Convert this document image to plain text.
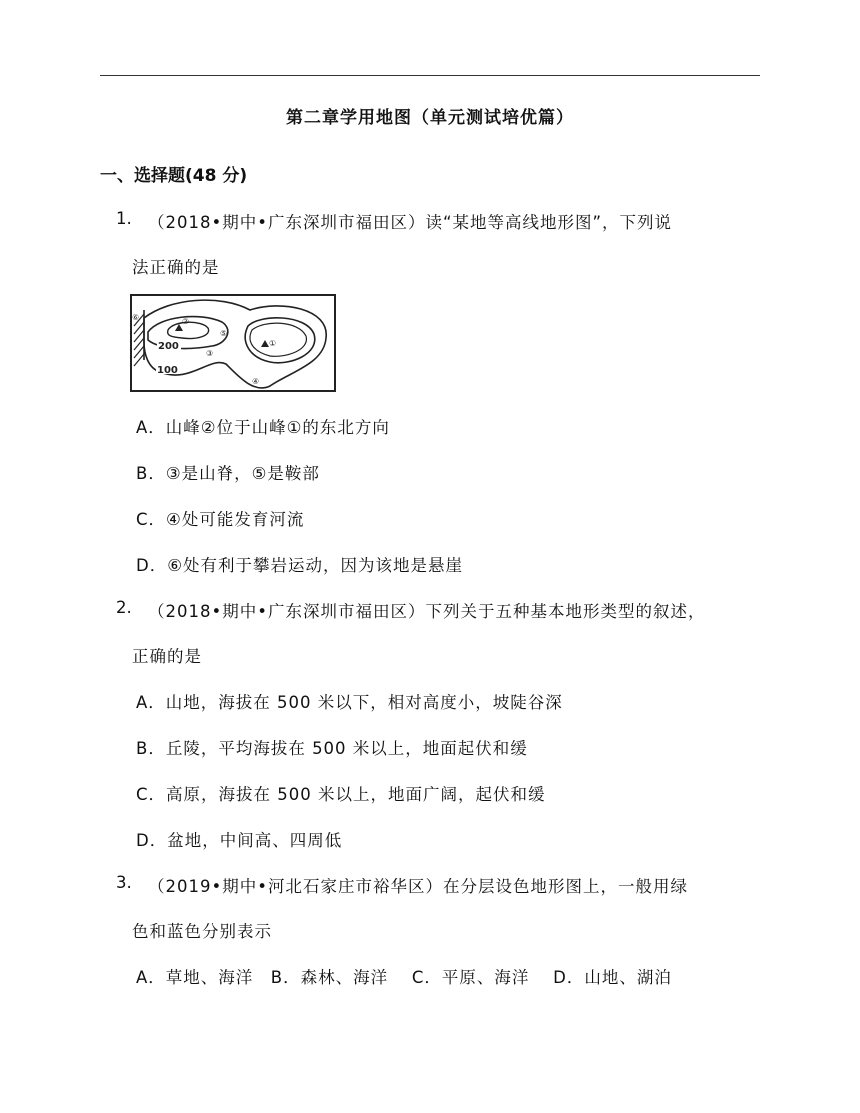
第二章学用地图（单元测试培优篇）
一、选择题(48 分)
1. （2018•期中•广东深圳市福田区）读“某地等高线地形图”，下列说
法正确的是
⑥	②
⑤
①
③
④
200
100
A．山峰②位于山峰①的东北方向
B．③是山脊，⑤是鞍部
C．④处可能发育河流
D．⑥处有利于攀岩运动，因为该地是悬崖
2. （2018•期中•广东深圳市福田区）下列关于五种基本地形类型的叙述，
正确的是
A．山地，海拔在 500 米以下，相对高度小，坡陡谷深
B．丘陵，平均海拔在 500 米以上，地面起伏和缓
C．高原，海拔在 500 米以上，地面广阔，起伏和缓
D．盆地，中间高、四周低
3. （2019•期中•河北石家庄市裕华区）在分层设色地形图上，一般用绿
色和蓝色分别表示
A．草地、海洋　B．森林、海洋　 C．平原、海洋　 D．山地、湖泊
